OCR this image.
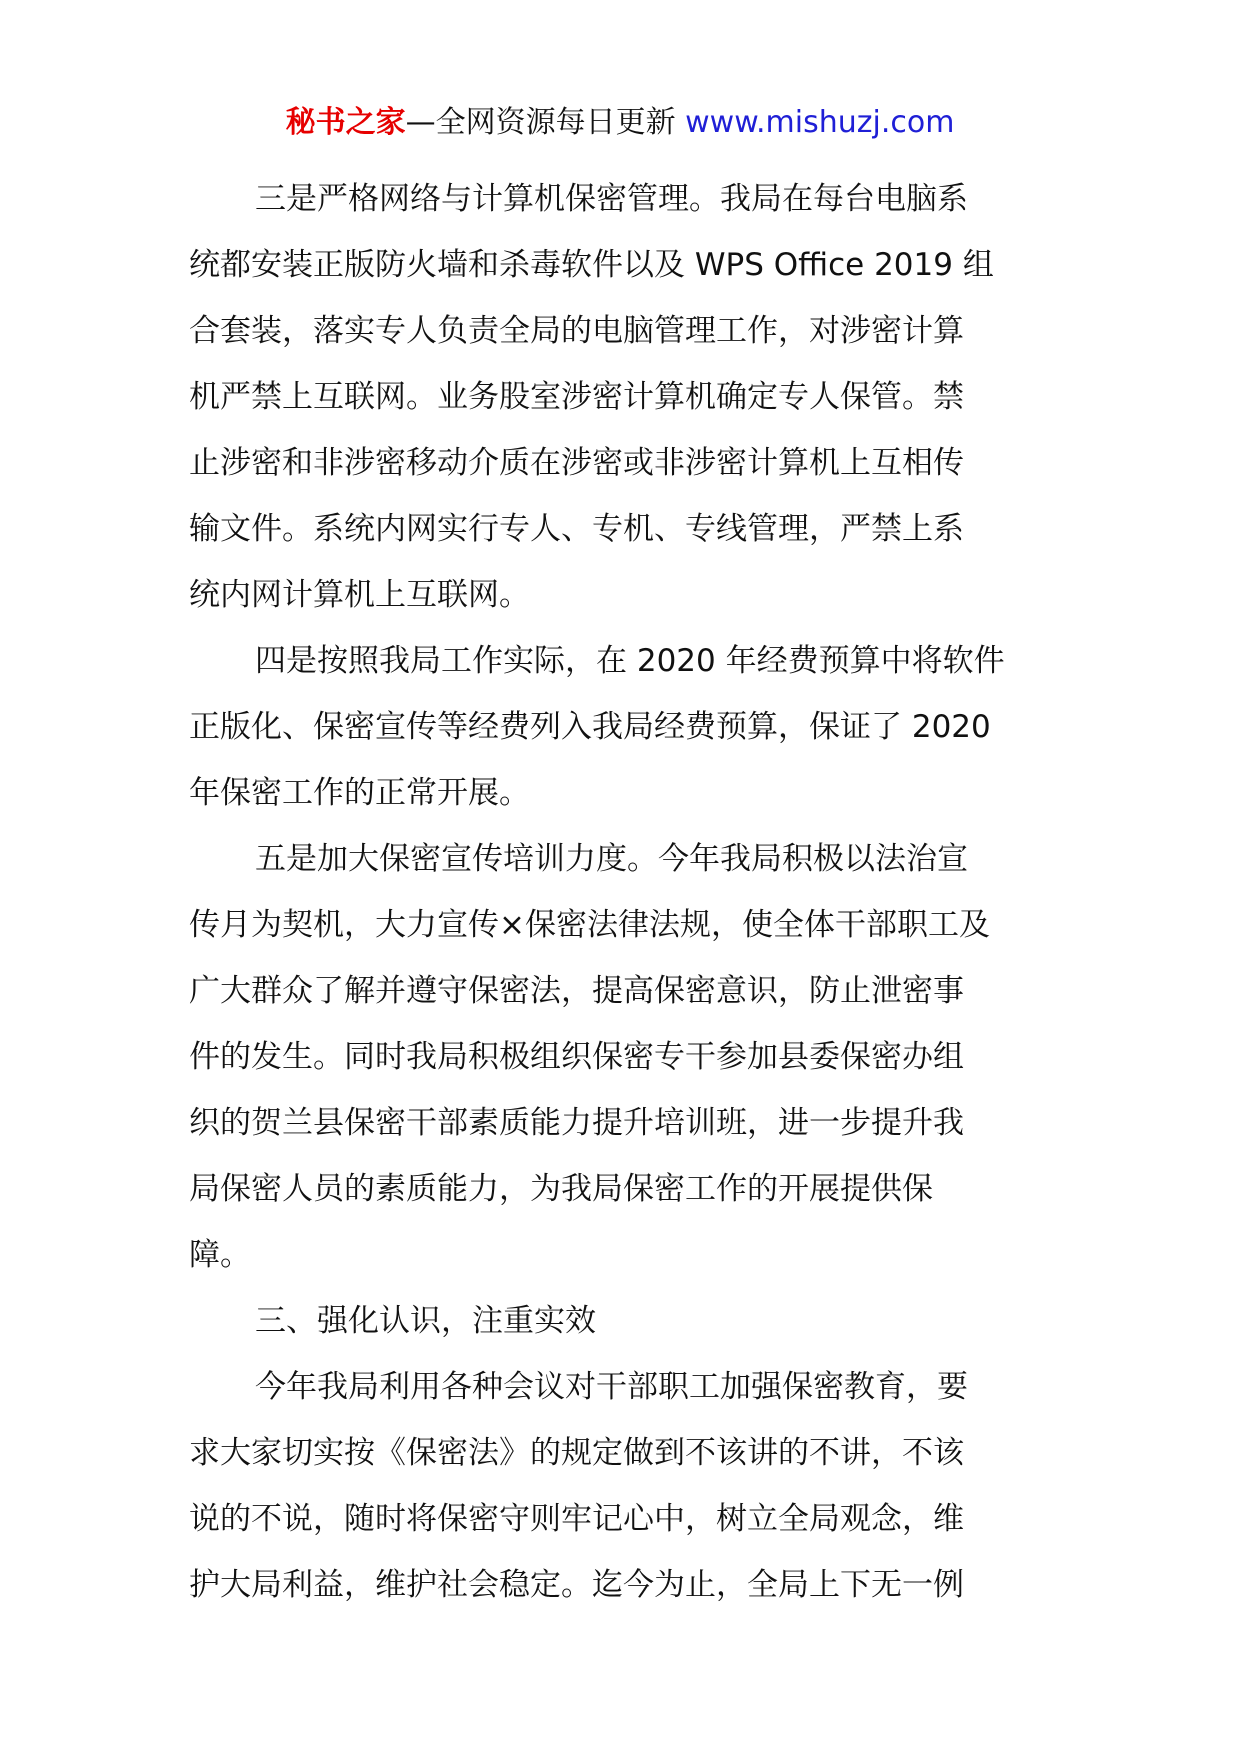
秘书之家—全网资源每日更新 www.mishuzj.com
三是严格网络与计算机保密管理。我局在每台电脑系
统都安装正版防火墙和杀毒软件以及 WPS Office 2019 组
合套装，落实专人负责全局的电脑管理工作，对涉密计算
机严禁上互联网。业务股室涉密计算机确定专人保管。禁
止涉密和非涉密移动介质在涉密或非涉密计算机上互相传
输文件。系统内网实行专人、专机、专线管理，严禁上系
统内网计算机上互联网。
四是按照我局工作实际，在 2020 年经费预算中将软件
正版化、保密宣传等经费列入我局经费预算，保证了 2020
年保密工作的正常开展。
五是加大保密宣传培训力度。今年我局积极以法治宣
传月为契机，大力宣传×保密法律法规，使全体干部职工及
广大群众了解并遵守保密法，提高保密意识，防止泄密事
件的发生。同时我局积极组织保密专干参加县委保密办组
织的贺兰县保密干部素质能力提升培训班，进一步提升我
局保密人员的素质能力，为我局保密工作的开展提供保
障。
三、强化认识，注重实效
今年我局利用各种会议对干部职工加强保密教育，要
求大家切实按《保密法》的规定做到不该讲的不讲，不该
说的不说，随时将保密守则牢记心中，树立全局观念，维
护大局利益，维护社会稳定。迄今为止，全局上下无一例
